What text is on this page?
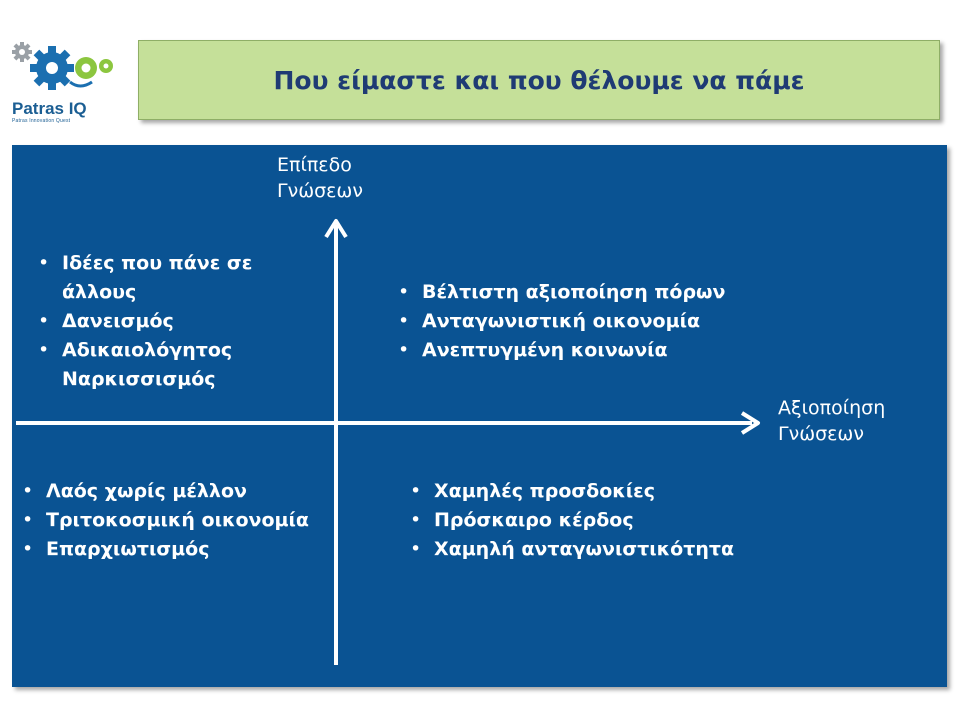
Patras IQ
Patras Innovation Quest
Που είμαστε και που θέλουμε να πάμε
Επίπεδο Γνώσεων
Αξιοποίηση Γνώσεων
• Ιδέες που πάνε σε άλλους
• Δανεισμός
• Αδικαιολόγητος Ναρκισσισμός
• Βέλτιστη αξιοποίηση πόρων
• Ανταγωνιστική οικονομία
• Ανεπτυγμένη κοινωνία
• Λαός χωρίς μέλλον
• Τριτοκοσμική οικονομία
• Επαρχιωτισμός
• Χαμηλές προσδοκίες
• Πρόσκαιρο κέρδος
• Χαμηλή ανταγωνιστικότητα
